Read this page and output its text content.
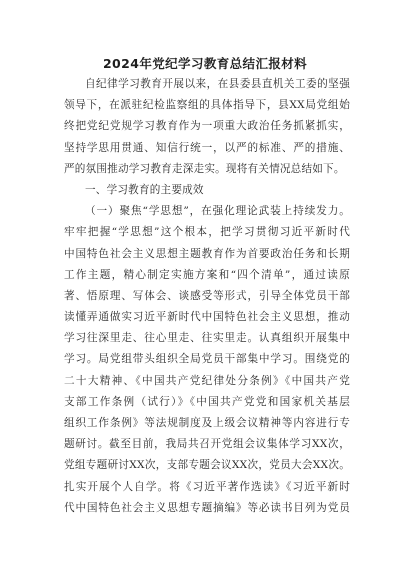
2024年党纪学习教育总结汇报材料
自纪律学习教育开展以来，在县委县直机关工委的坚强
领导下，在派驻纪检监察组的具体指导下，县XX局党组始
终把党纪党规学习教育作为一项重大政治任务抓紧抓实，
坚持学思用贯通、知信行统一，以严的标准、严的措施、
严的氛围推动学习教育走深走实。现将有关情况总结如下。
一、学习教育的主要成效
（一）聚焦“学思想”，在强化理论武装上持续发力。
牢牢把握“学思想”这个根本，把学习贯彻习近平新时代
中国特色社会主义思想主题教育作为首要政治任务和长期
工作主题，精心制定实施方案和“四个清单”，通过读原
著、悟原理、写体会、谈感受等形式，引导全体党员干部
读懂弄通做实习近平新时代中国特色社会主义思想，推动
学习往深里走、往心里走、往实里走。认真组织开展集中
学习。局党组带头组织全局党员干部集中学习。围绕党的
二十大精神、《中国共产党纪律处分条例》《中国共产党
支部工作条例（试行）》《中国共产党党和国家机关基层
组织工作条例》等法规制度及上级会议精神等内容进行专
题研讨。截至目前，我局共召开党组会议集体学习XX次，
党组专题研讨XX次，支部专题会议XX次，党员大会XX次。
扎实开展个人自学。将《习近平著作选读》《习近平新时
代中国特色社会主义思想专题摘编》等必读书目列为党员
